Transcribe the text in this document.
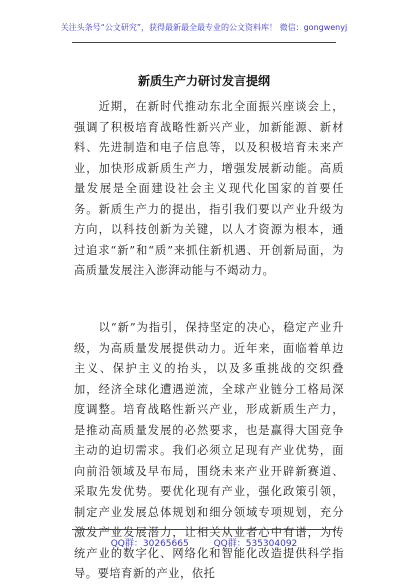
关注头条号“公文研究”，获得最新最全最专业的公文资料库！ 微信：gongwenyj
新质生产力研讨发言提纲

近期，在新时代推动东北全面振兴座谈会上，强调了积极培育战略性新兴产业，加新能源、新材料、先进制造和电子信息等，以及积极培育未来产业，加快形成新质生产力，增强发展新动能。高质量发展是全面建设社会主义现代化国家的首要任务。新质生产力的提出，指引我们要以产业升级为方向，以科技创新为关键，以人才资源为根本，通过追求“新”和“质”来抓住新机遇、开创新局面，为高质量发展注入澎湃动能与不竭动力。

以“新”为指引，保持坚定的决心，稳定产业升级，为高质量发展提供动力。近年来，面临着单边主义、保护主义的抬头，以及多重挑战的交织叠加，经济全球化遭遇逆流，全球产业链分工格局深度调整。培育战略性新兴产业，形成新质生产力，是推动高质量发展的必然要求，也是赢得大国竞争主动的迫切需求。我们必须立足现有产业优势，面向前沿领域及早布局，围绕未来产业开辟新赛道、采取先发优势。要优化现有产业，强化政策引领，制定产业发展总体规划和细分领域专项规划，充分激发产业发展潜力，让相关从业者心中有谱，为传统产业的数字化、网络化和智能化改造提供科学指导。要培育新的产业，依托

QQ群：30265665	QQ群：535304092
